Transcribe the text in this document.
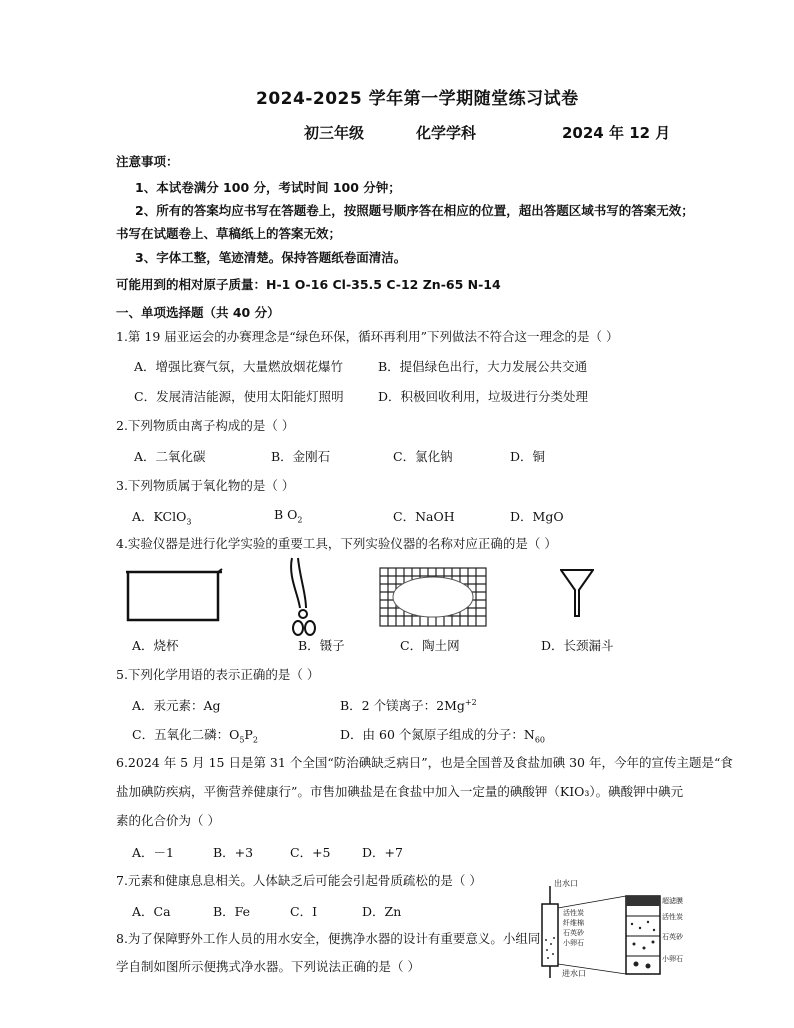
2024-2025 学年第一学期随堂练习试卷
初三年级	化学学科	2024 年 12 月
注意事项：
1、本试卷满分 100 分，考试时间 100 分钟；
2、所有的答案均应书写在答题卷上，按照题号顺序答在相应的位置，超出答题区域书写的答案无效；
书写在试题卷上、草稿纸上的答案无效；
3、字体工整，笔迹清楚。保持答题纸卷面清洁。
可能用到的相对原子质量：H-1 O-16 Cl-35.5 C-12 Zn-65 N-14
一、单项选择题（共 40 分）
1.第 19 届亚运会的办赛理念是“绿色环保，循环再利用”下列做法不符合这一理念的是（ ）
A．增强比赛气氛，大量燃放烟花爆竹	B．提倡绿色出行，大力发展公共交通
C．发展清洁能源，使用太阳能灯照明	D．积极回收利用，垃圾进行分类处理
2.下列物质由离子构成的是（ ）
A．二氧化碳	B．金刚石	C．氯化钠	D．铜
3.下列物质属于氧化物的是（ ）
A．KClO$_3$	B $O_2$	C．NaOH	D．MgO
4.实验仪器是进行化学实验的重要工具，下列实验仪器的名称对应正确的是（ ）
A．烧杯	B．镊子	C．陶土网	D．长颈漏斗
5.下列化学用语的表示正确的是（ ）
A．汞元素：Ag	B．2 个镁离子：$2Mg^{+2}$
C．五氧化二磷：$O_5P_2$	D．由 60 个氮原子组成的分子：$N_{60}$
6.2024 年 5 月 15 日是第 31 个全国“防治碘缺乏病日”，也是全国普及食盐加碘 30 年，今年的宣传主题是“食
盐加碘防疾病，平衡营养健康行”。市售加碘盐是在食盐中加入一定量的碘酸钾（KIO₃）。碘酸钾中碘元
素的化合价为（ ）
A．－1	B．+3	C．+5	D．+7
7.元素和健康息息相关。人体缺乏后可能会引起骨质疏松的是（ ）
A．Ca	B．Fe	C．I	D．Zn
8.为了保障野外工作人员的用水安全，便携净水器的设计有重要意义。小组同
学自制如图所示便携式净水器。下列说法正确的是（ ）
出水口
进水口
活性炭
纤维棉
石英砂
小卵石
超滤膜
活性炭
石英砂
小卵石
